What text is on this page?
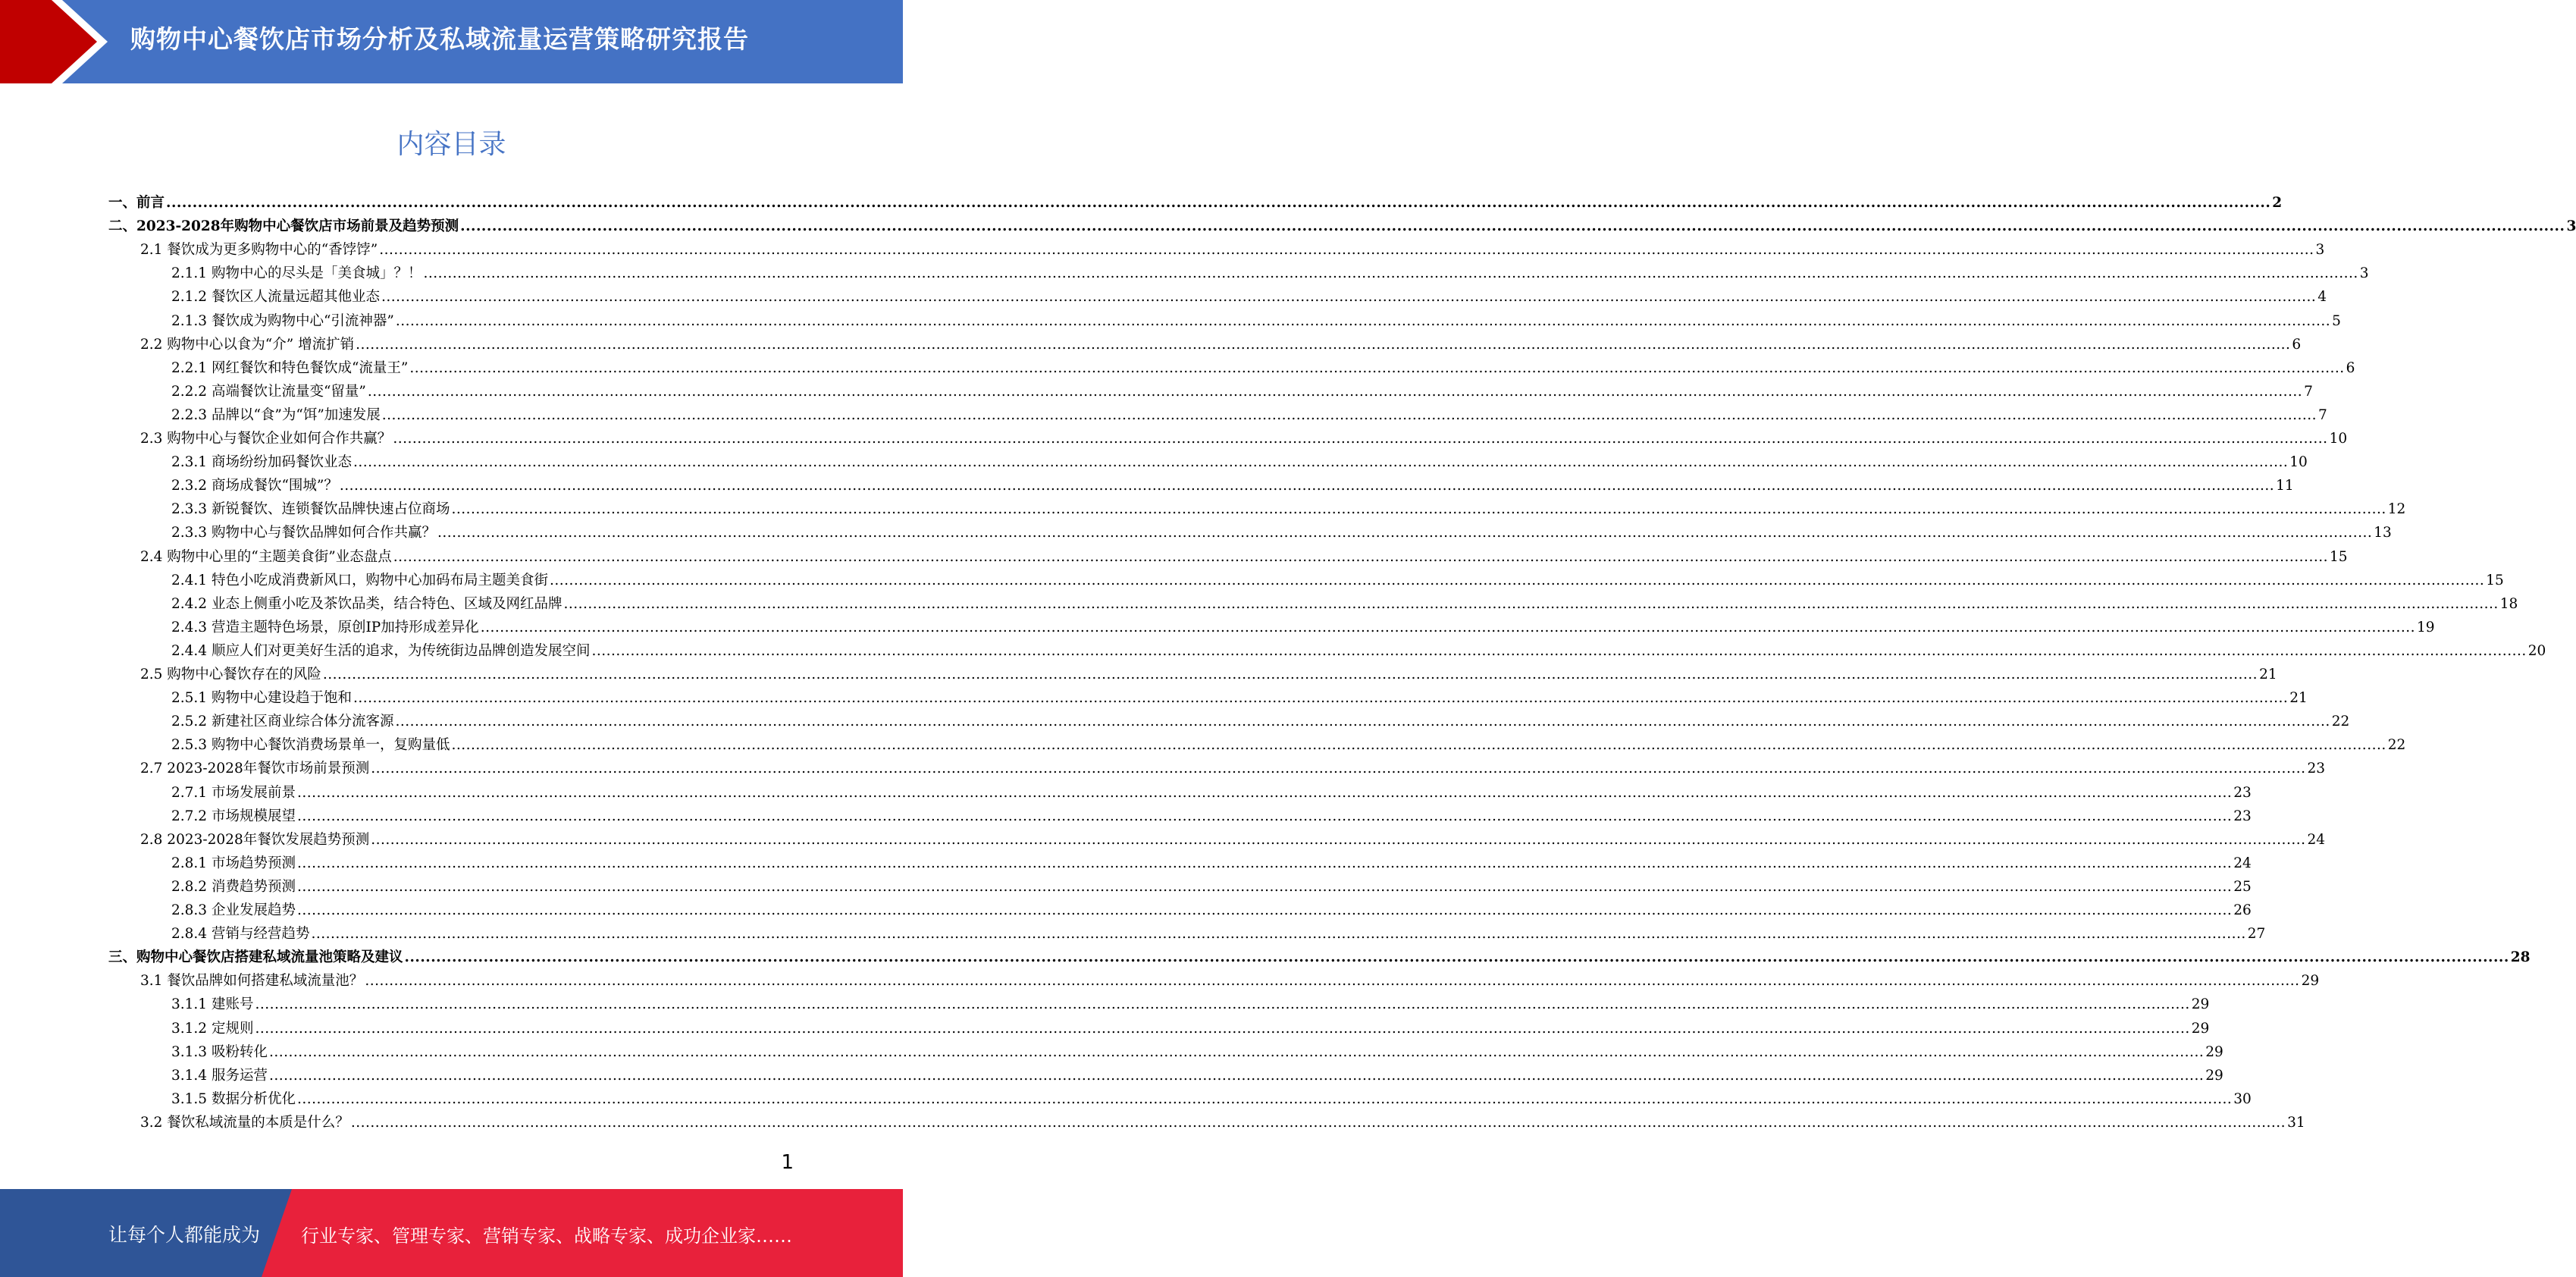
购物中心餐饮店市场分析及私域流量运营策略研究报告
内容目录
一、前言 ................................................................................................................................................................................................................................................................................................................................................................................................................ 2
二、2023-2028年购物中心餐饮店市场前景及趋势预测 ................................................................................................................................................................................................................................................................................................................................................................................................................ 3
2.1 餐饮成为更多购物中心的“香饽饽” ................................................................................................................................................................................................................................................................................................................................................................................................................ 3
2.1.1 购物中心的尽头是「美食城」？！ ................................................................................................................................................................................................................................................................................................................................................................................................................ 3
2.1.2 餐饮区人流量远超其他业态 ................................................................................................................................................................................................................................................................................................................................................................................................................ 4
2.1.3 餐饮成为购物中心“引流神器” ................................................................................................................................................................................................................................................................................................................................................................................................................ 5
2.2 购物中心以食为“介” 增流扩销 ................................................................................................................................................................................................................................................................................................................................................................................................................ 6
2.2.1 网红餐饮和特色餐饮成“流量王” ................................................................................................................................................................................................................................................................................................................................................................................................................ 6
2.2.2 高端餐饮让流量变“留量” ................................................................................................................................................................................................................................................................................................................................................................................................................ 7
2.2.3 品牌以“食”为“饵”加速发展 ................................................................................................................................................................................................................................................................................................................................................................................................................ 7
2.3 购物中心与餐饮企业如何合作共赢？ ................................................................................................................................................................................................................................................................................................................................................................................................................ 10
2.3.1 商场纷纷加码餐饮业态 ................................................................................................................................................................................................................................................................................................................................................................................................................ 10
2.3.2 商场成餐饮“围城”？ ................................................................................................................................................................................................................................................................................................................................................................................................................ 11
2.3.3 新锐餐饮、连锁餐饮品牌快速占位商场 ................................................................................................................................................................................................................................................................................................................................................................................................................ 12
2.3.3 购物中心与餐饮品牌如何合作共赢？ ................................................................................................................................................................................................................................................................................................................................................................................................................ 13
2.4 购物中心里的“主题美食街”业态盘点 ................................................................................................................................................................................................................................................................................................................................................................................................................ 15
2.4.1 特色小吃成消费新风口，购物中心加码布局主题美食街 ................................................................................................................................................................................................................................................................................................................................................................................................................ 15
2.4.2 业态上侧重小吃及茶饮品类，结合特色、区域及网红品牌 ................................................................................................................................................................................................................................................................................................................................................................................................................ 18
2.4.3 营造主题特色场景，原创IP加持形成差异化 ................................................................................................................................................................................................................................................................................................................................................................................................................ 19
2.4.4 顺应人们对更美好生活的追求，为传统街边品牌创造发展空间 ................................................................................................................................................................................................................................................................................................................................................................................................................ 20
2.5 购物中心餐饮存在的风险 ................................................................................................................................................................................................................................................................................................................................................................................................................ 21
2.5.1 购物中心建设趋于饱和 ................................................................................................................................................................................................................................................................................................................................................................................................................ 21
2.5.2 新建社区商业综合体分流客源 ................................................................................................................................................................................................................................................................................................................................................................................................................ 22
2.5.3 购物中心餐饮消费场景单一，复购量低 ................................................................................................................................................................................................................................................................................................................................................................................................................ 22
2.7 2023-2028年餐饮市场前景预测 ................................................................................................................................................................................................................................................................................................................................................................................................................ 23
2.7.1 市场发展前景 ................................................................................................................................................................................................................................................................................................................................................................................................................ 23
2.7.2 市场规模展望 ................................................................................................................................................................................................................................................................................................................................................................................................................ 23
2.8 2023-2028年餐饮发展趋势预测 ................................................................................................................................................................................................................................................................................................................................................................................................................ 24
2.8.1 市场趋势预测 ................................................................................................................................................................................................................................................................................................................................................................................................................ 24
2.8.2 消费趋势预测 ................................................................................................................................................................................................................................................................................................................................................................................................................ 25
2.8.3 企业发展趋势 ................................................................................................................................................................................................................................................................................................................................................................................................................ 26
2.8.4 营销与经营趋势 ................................................................................................................................................................................................................................................................................................................................................................................................................ 27
三、购物中心餐饮店搭建私域流量池策略及建议 ................................................................................................................................................................................................................................................................................................................................................................................................................ 28
3.1 餐饮品牌如何搭建私域流量池？ ................................................................................................................................................................................................................................................................................................................................................................................................................ 29
3.1.1 建账号 ................................................................................................................................................................................................................................................................................................................................................................................................................ 29
3.1.2 定规则 ................................................................................................................................................................................................................................................................................................................................................................................................................ 29
3.1.3 吸粉转化 ................................................................................................................................................................................................................................................................................................................................................................................................................ 29
3.1.4 服务运营 ................................................................................................................................................................................................................................................................................................................................................................................................................ 29
3.1.5 数据分析优化 ................................................................................................................................................................................................................................................................................................................................................................................................................ 30
3.2 餐饮私域流量的本质是什么？ ................................................................................................................................................................................................................................................................................................................................................................................................................ 31
1
让每个人都能成为 行业专家、管理专家、营销专家、战略专家、成功企业家……
